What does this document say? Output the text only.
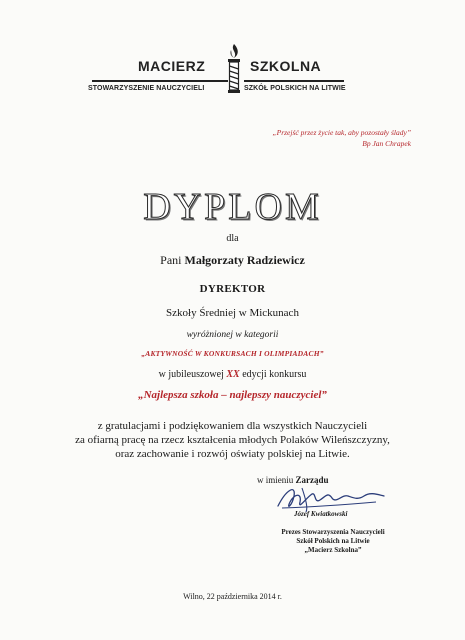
MACIERZ	SZKOLNA
STOWARZYSZENIE NAUCZYCIELI	SZKÓŁ POLSKICH NA LITWIE
„Przejść przez życie tak, aby pozostały ślady”
Bp Jan Chrapek
DYPLOM
dla
Pani Małgorzaty Radziewicz
DYREKTOR
Szkoły Średniej w Mickunach
wyróżnionej w kategorii
„AKTYWNOŚĆ W KONKURSACH I OLIMPIADACH”
w jubileuszowej XX edycji konkursu
„Najlepsza szkoła – najlepszy nauczyciel”
z gratulacjami i podziękowaniem dla wszystkich Nauczycieli
za ofiarną pracę na rzecz kształcenia młodych Polaków Wileńszczyzny,
oraz zachowanie i rozwój oświaty polskiej na Litwie.
w imieniu Zarządu
Józef Kwiatkowski
Prezes Stowarzyszenia Nauczycieli
Szkół Polskich na Litwie
„Macierz Szkolna”
Wilno, 22 października 2014 r.
